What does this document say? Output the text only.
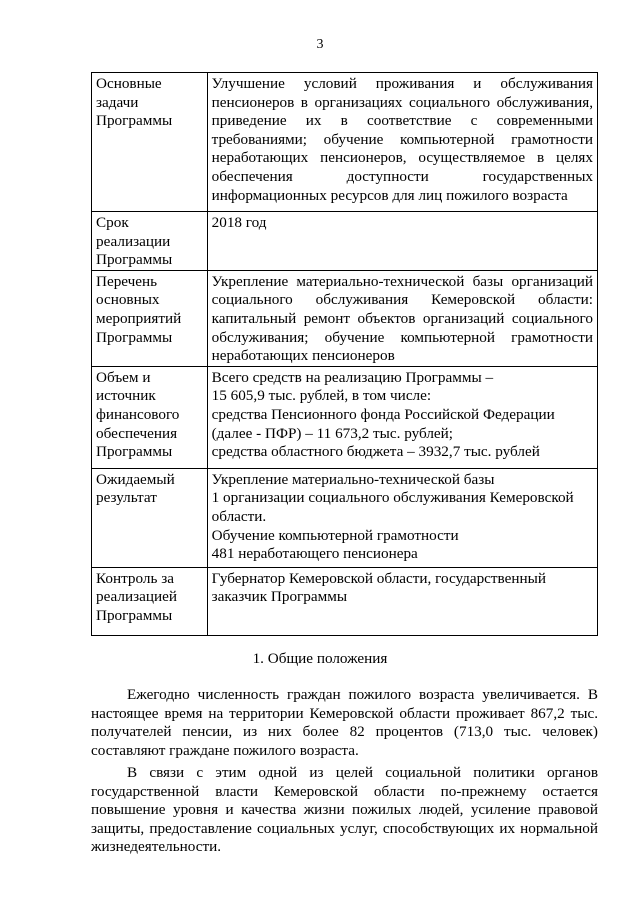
3
Основные задачи Программы	Улучшение условий проживания и обслуживания пенсионеров в организациях социального обслуживания, приведение их в соответствие с современными требованиями; обучение компьютерной грамотности неработающих пенсионеров, осуществляемое в целях обеспечения доступности государственных информационных ресурсов для лиц пожилого возраста
Срок реализации Программы	2018 год
Перечень основных мероприятий Программы	Укрепление материально-технической базы организаций социального обслуживания Кемеровской области: капитальный ремонт объектов организаций социального обслуживания; обучение компьютерной грамотности неработающих пенсионеров
Объем и источник финансового обеспечения Программы	Всего средств на реализацию Программы –
15 605,9 тыс. рублей, в том числе:
средства Пенсионного фонда Российской Федерации
(далее - ПФР) – 11 673,2 тыс. рублей;
средства областного бюджета – 3932,7 тыс. рублей

Ожидаемый результат	Укрепление материально-технической базы
1 организации социального обслуживания Кемеровской области.
Обучение компьютерной грамотности
481 неработающего пенсионера

Контроль за реализацией Программы	Губернатор Кемеровской области, государственный заказчик Программы
1. Общие положения

Ежегодно численность граждан пожилого возраста увеличивается. В настоящее время на территории Кемеровской области проживает 867,2 тыс. получателей пенсии, из них более 82 процентов (713,0 тыс. человек) составляют граждане пожилого возраста.

В связи с этим одной из целей социальной политики органов государственной власти Кемеровской области по-прежнему остается повышение уровня и качества жизни пожилых людей, усиление правовой защиты, предоставление социальных услуг, способствующих их нормальной жизнедеятельности.
